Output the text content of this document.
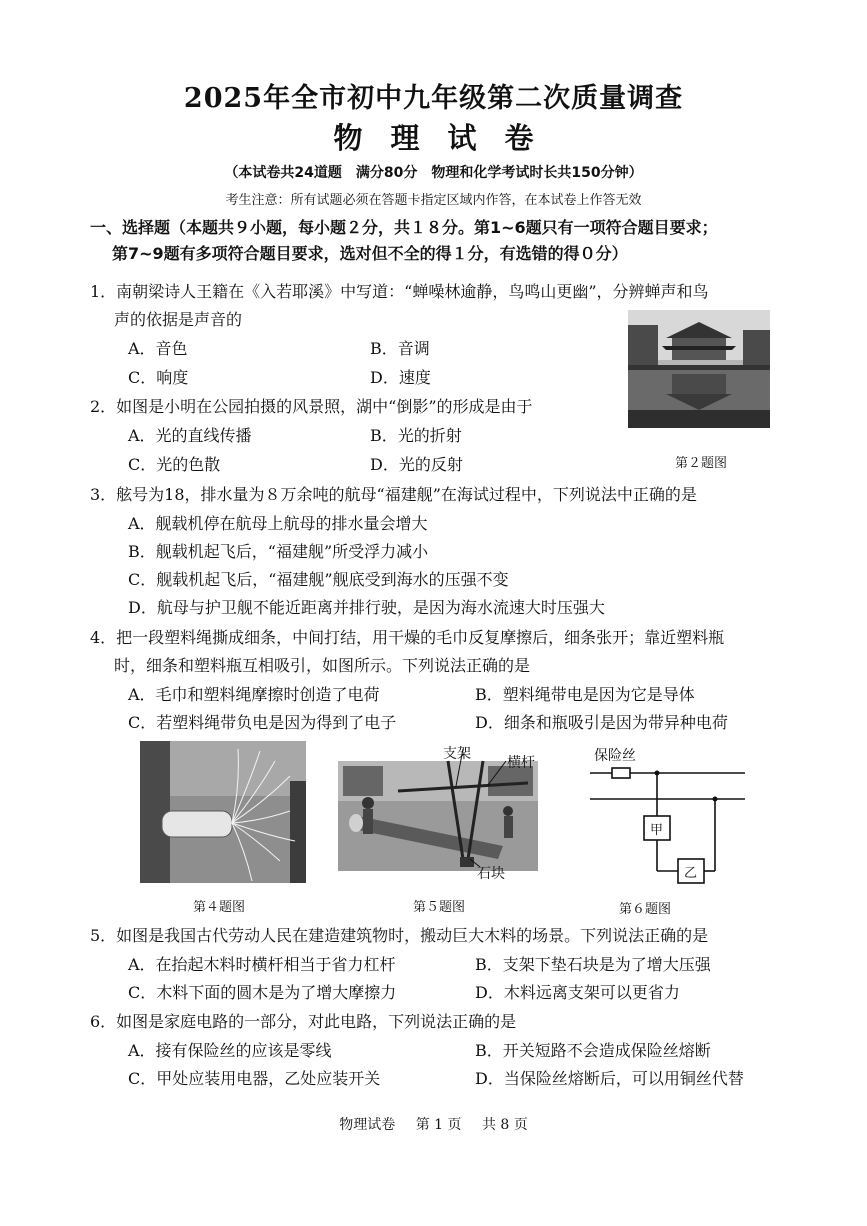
2025年全市初中九年级第二次质量调查
物 理 试 卷
（本试卷共24道题　满分80分　物理和化学考试时长共150分钟）
考生注意：所有试题必须在答题卡指定区域内作答，在本试卷上作答无效
一、选择题（本题共９小题，每小题２分，共１８分。第1~6题只有一项符合题目要求；
第7~9题有多项符合题目要求，选对但不全的得１分，有选错的得０分）
1．南朝梁诗人王籍在《入若耶溪》中写道：“蝉噪林逾静，鸟鸣山更幽”，分辨蝉声和鸟
声的依据是声音的
A．音色	B．音调
C．响度	D．速度
2．如图是小明在公园拍摄的风景照，湖中“倒影”的形成是由于
A．光的直线传播	B．光的折射
C．光的色散	D．光的反射	第２题图
3．舷号为18，排水量为８万余吨的航母“福建舰”在海试过程中，下列说法中正确的是
A．舰载机停在航母上航母的排水量会增大
B．舰载机起飞后，“福建舰”所受浮力减小
C．舰载机起飞后，“福建舰”舰底受到海水的压强不变
D．航母与护卫舰不能近距离并排行驶，是因为海水流速大时压强大
4．把一段塑料绳撕成细条，中间打结，用干燥的毛巾反复摩擦后，细条张开；靠近塑料瓶
时，细条和塑料瓶互相吸引，如图所示。下列说法正确的是
A．毛巾和塑料绳摩擦时创造了电荷	B．塑料绳带电是因为它是导体
C．若塑料绳带负电是因为得到了电子	D．细条和瓶吸引是因为带异种电荷
第４题图
支架
横杆
石块
第５题图
保险丝
甲
乙
第６题图
5．如图是我国古代劳动人民在建造建筑物时，搬动巨大木料的场景。下列说法正确的是
A．在抬起木料时横杆相当于省力杠杆	B．支架下垫石块是为了增大压强
C．木料下面的圆木是为了增大摩擦力	D．木料远离支架可以更省力
6．如图是家庭电路的一部分，对此电路，下列说法正确的是
A．接有保险丝的应该是零线	B．开关短路不会造成保险丝熔断
C．甲处应装用电器，乙处应装开关	D．当保险丝熔断后，可以用铜丝代替
物理试卷 第 1 页 共 8 页
